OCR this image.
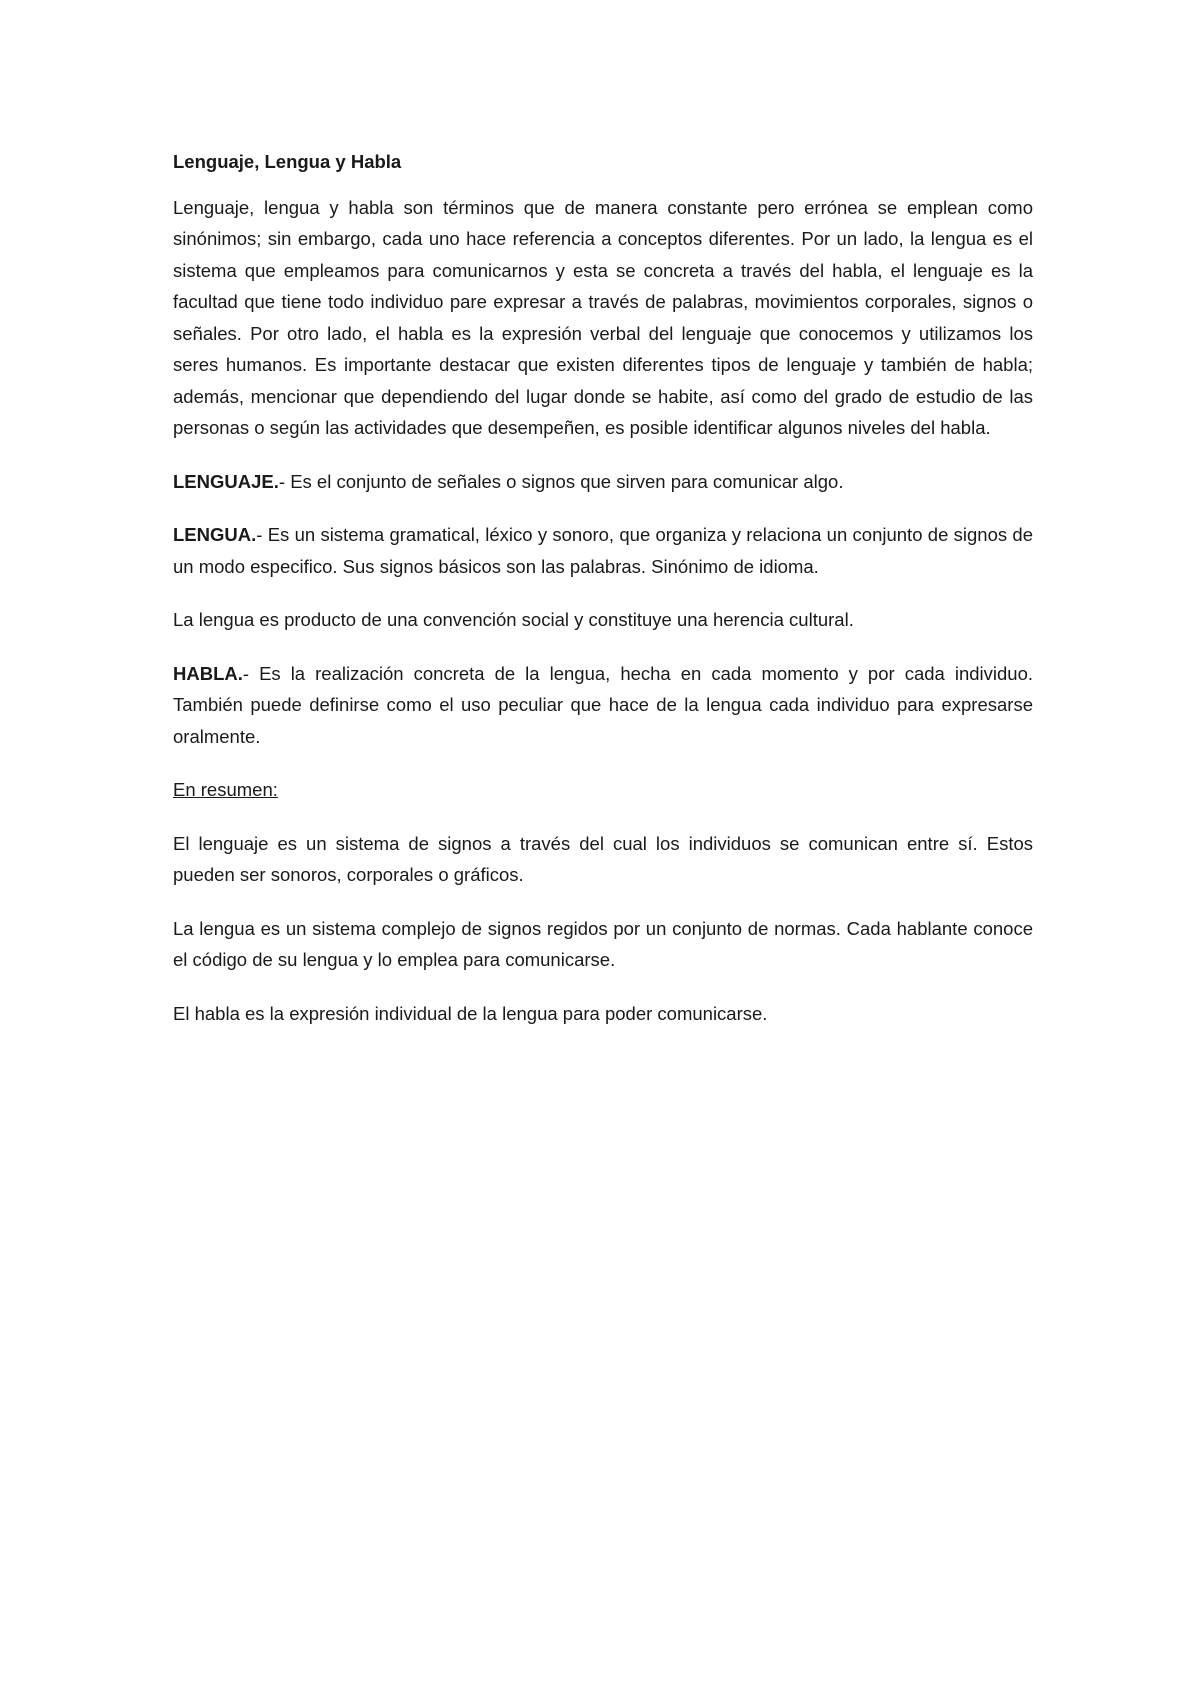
Lenguaje, Lengua y Habla

Lenguaje, lengua y habla son términos que de manera constante pero errónea se emplean como sinónimos; sin embargo, cada uno hace referencia a conceptos diferentes. Por un lado, la lengua es el sistema que empleamos para comunicarnos y esta se concreta a través del habla, el lenguaje es la facultad que tiene todo individuo pare expresar a través de palabras, movimientos corporales, signos o señales. Por otro lado, el habla es la expresión verbal del lenguaje que conocemos y utilizamos los seres humanos. Es importante destacar que existen diferentes tipos de lenguaje y también de habla; además, mencionar que dependiendo del lugar donde se habite, así como del grado de estudio de las personas o según las actividades que desempeñen, es posible identificar algunos niveles del habla.

LENGUAJE.- Es el conjunto de señales o signos que sirven para comunicar algo.

LENGUA.- Es un sistema gramatical, léxico y sonoro, que organiza y relaciona un conjunto de signos de un modo especifico. Sus signos básicos son las palabras. Sinónimo de idioma.

La lengua es producto de una convención social y constituye una herencia cultural.

HABLA.- Es la realización concreta de la lengua, hecha en cada momento y por cada individuo. También puede definirse como el uso peculiar que hace de la lengua cada individuo para expresarse oralmente.

En resumen:

El lenguaje es un sistema de signos a través del cual los individuos se comunican entre sí. Estos pueden ser sonoros, corporales o gráficos.

La lengua es un sistema complejo de signos regidos por un conjunto de normas. Cada hablante conoce el código de su lengua y lo emplea para comunicarse.

El habla es la expresión individual de la lengua para poder comunicarse.
